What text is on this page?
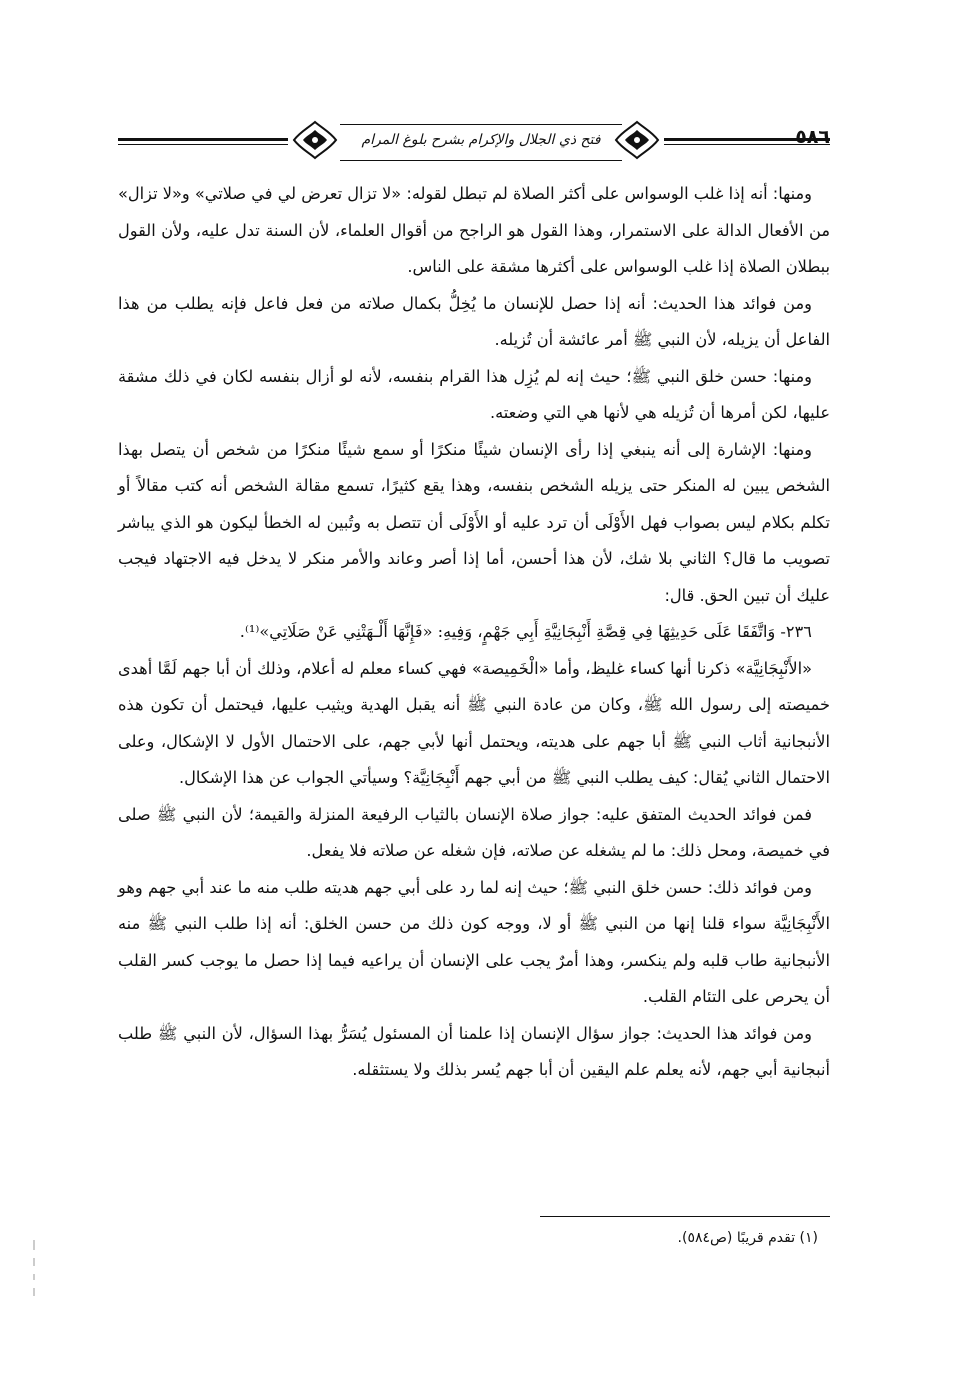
فتح ذي الجلال والإكرام بشرح بلوغ المرام	٥٨٦

ومنها: أنه إذا غلب الوسواس على أكثر الصلاة لم تبطل لقوله: «لا تزال تعرض لي في صلاتي» و«لا تزال» من الأفعال الدالة على الاستمرار، وهذا القول هو الراجح من أقوال العلماء، لأن السنة تدل عليه، ولأن القول ببطلان الصلاة إذا غلب الوسواس على أكثرها مشقة على الناس.

ومن فوائد هذا الحديث: أنه إذا حصل للإنسان ما يُخِلُّ بكمال صلاته من فعل فاعل فإنه يطلب من هذا الفاعل أن يزيله، لأن النبي ﷺ أمر عائشة أن تُزيله.

ومنها: حسن خلق النبي ﷺ؛ حيث إنه لم يُزِل هذا القرام بنفسه، لأنه لو أزال بنفسه لكان في ذلك مشقة عليها، لكن أمرها أن تُزيله هي لأنها هي التي وضعته.

ومنها: الإشارة إلى أنه ينبغي إذا رأى الإنسان شيئًا منكرًا أو سمع شيئًا منكرًا من شخص أن يتصل بهذا الشخص يبين له المنكر حتى يزيله الشخص بنفسه، وهذا يقع كثيرًا، تسمع مقالة الشخص أنه كتب مقالاً أو تكلم بكلام ليس بصواب فهل الأَوْلَى أن ترد عليه أو الأَوْلَى أن تتصل به وتُبين له الخطأ ليكون هو الذي يباشر تصويب ما قال؟ الثاني بلا شك، لأن هذا أحسن، أما إذا أصر وعاند والأمر منكر لا يدخل فيه الاجتهاد فيجب عليك أن تبين الحق. قال:

٢٣٦- وَاتَّفَقَا عَلَى حَدِيثِهَا فِي قِصَّةِ أَنْبِجَانِيَّةِ أَبِي جَهْمٍ، وَفِيهِ: «فَإِنَّهَا أَلْـهَتْنِي عَنْ صَلَاتِي»⁽¹⁾.

«الأَنْبِجَانِيَّة» ذكرنا أنها كساء غليظ، وأما «الْخَمِيصة» فهي كساء معلم له أعلام، وذلك أن أبا جهم لَمَّا أهدى خميصته إلى رسول الله ﷺ، وكان من عادة النبي ﷺ أنه يقبل الهدية ويثيب عليها، فيحتمل أن تكون هذه الأنبجانية أثاب النبي ﷺ أبا جهم على هديته، ويحتمل أنها لأبي جهم، على الاحتمال الأول لا الإشكال، وعلى الاحتمال الثاني يُقال: كيف يطلب النبي ﷺ من أبي جهم أَنْبِجَانِيَّة؟ وسيأتي الجواب عن هذا الإشكال.

فمن فوائد الحديث المتفق عليه: جواز صلاة الإنسان بالثياب الرفيعة المنزلة والقيمة؛ لأن النبي ﷺ صلى في خميصة، ومحل ذلك: ما لم يشغله عن صلاته، فإن شغله عن صلاته فلا يفعل.

ومن فوائد ذلك: حسن خلق النبي ﷺ؛ حيث إنه لما رد على أبي جهم هديته طلب منه ما عند أبي جهم وهو الأَنْبِجَانِيَّة سواء قلنا إنها من النبي ﷺ أو لا، ووجه كون ذلك من حسن الخلق: أنه إذا طلب النبي ﷺ منه الأنبجانية طاب قلبه ولم ينكسر، وهذا أمرٌ يجب على الإنسان أن يراعيه فيما إذا حصل ما يوجب كسر القلب أن يحرص على التئام القلب.

ومن فوائد هذا الحديث: جواز سؤال الإنسان إذا علمنا أن المسئول يُسَرُّ بهذا السؤال، لأن النبي ﷺ طلب أنبجانية أبي جهم، لأنه يعلم علم اليقين أن أبا جهم يُسر بذلك ولا يستثقله.

(١) تقدم قريبًا (ص٥٨٤).
